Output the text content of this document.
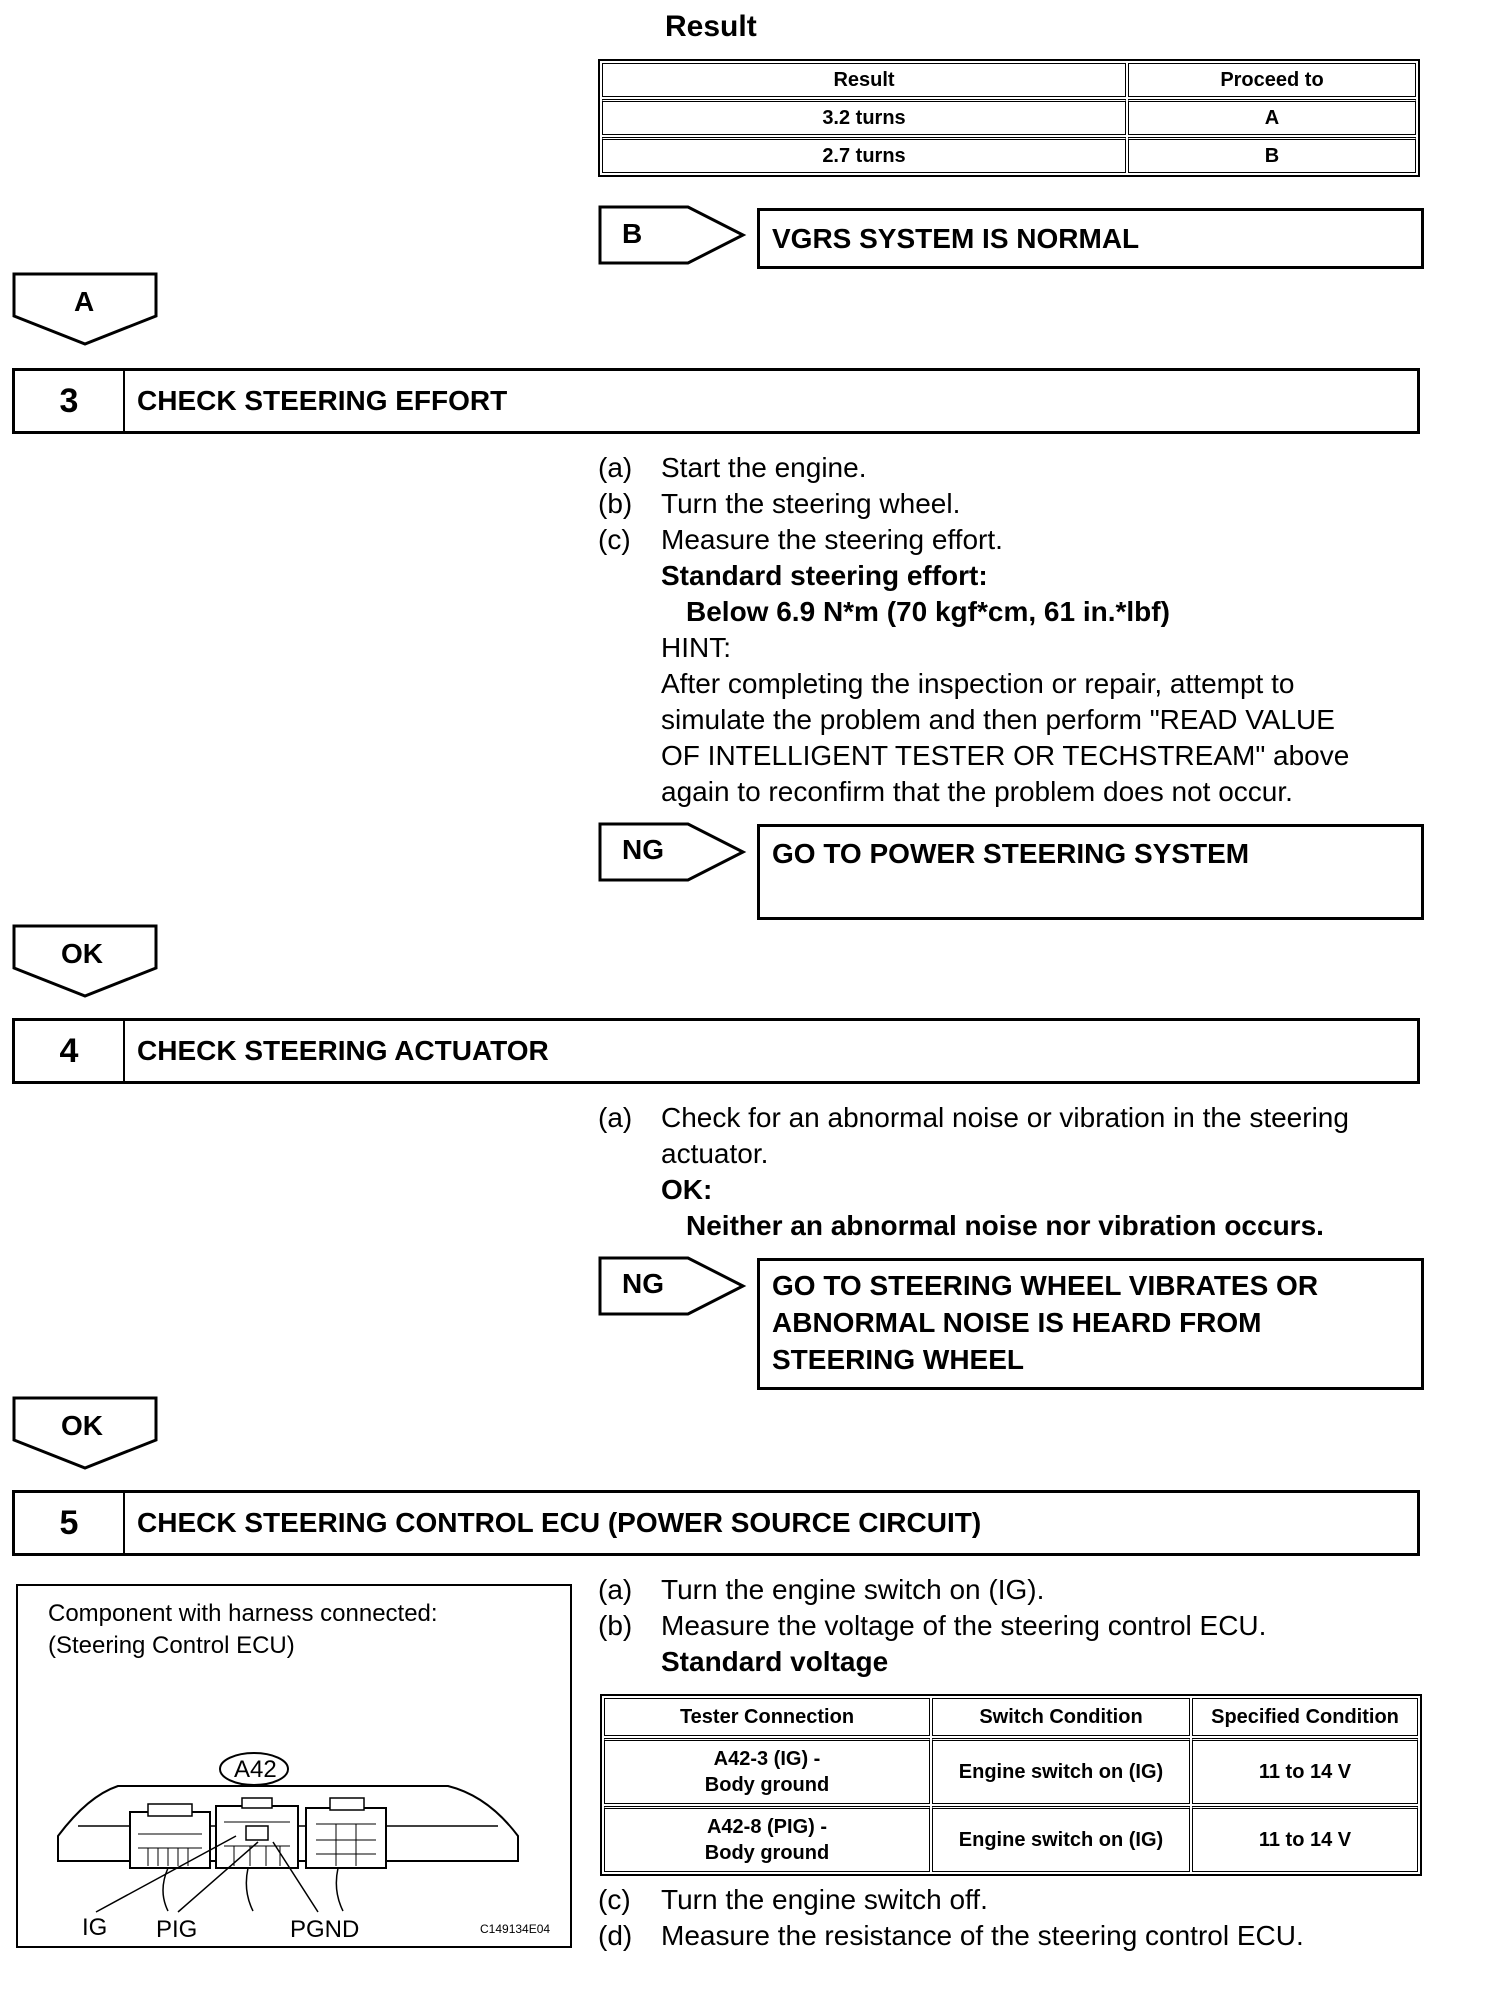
Result
Result	Proceed to
3.2 turns	A
2.7 turns	B
B	VGRS SYSTEM IS NORMAL
A
3	CHECK STEERING EFFORT
(a) Start the engine.
(b) Turn the steering wheel.
(c) Measure the steering effort.
Standard steering effort:
Below 6.9 N*m (70 kgf*cm, 61 in.*lbf)
HINT:
After completing the inspection or repair, attempt to
simulate the problem and then perform "READ VALUE
OF INTELLIGENT TESTER OR TECHSTREAM" above
again to reconfirm that the problem does not occur.
NG	GO TO POWER STEERING SYSTEM
OK
4	CHECK STEERING ACTUATOR
(a) Check for an abnormal noise or vibration in the steering
actuator.
OK:
Neither an abnormal noise nor vibration occurs.
NG	GO TO STEERING WHEEL VIBRATES OR
ABNORMAL NOISE IS HEARD FROM
STEERING WHEEL
OK
5	CHECK STEERING CONTROL ECU (POWER SOURCE CIRCUIT)
Component with harness connected:
(Steering Control ECU)
A42
IG PIG	PGND	C149134E04
(a) Turn the engine switch on (IG).
(b) Measure the voltage of the steering control ECU.
Standard voltage
Tester Connection	Switch Condition	Specified Condition

A42-3 (IG) -
Body ground	Engine switch on (IG)	11 to 14 V

A42-8 (PIG) -
Body ground	Engine switch on (IG)	11 to 14 V
(c) Turn the engine switch off.
(d) Measure the resistance of the steering control ECU.
